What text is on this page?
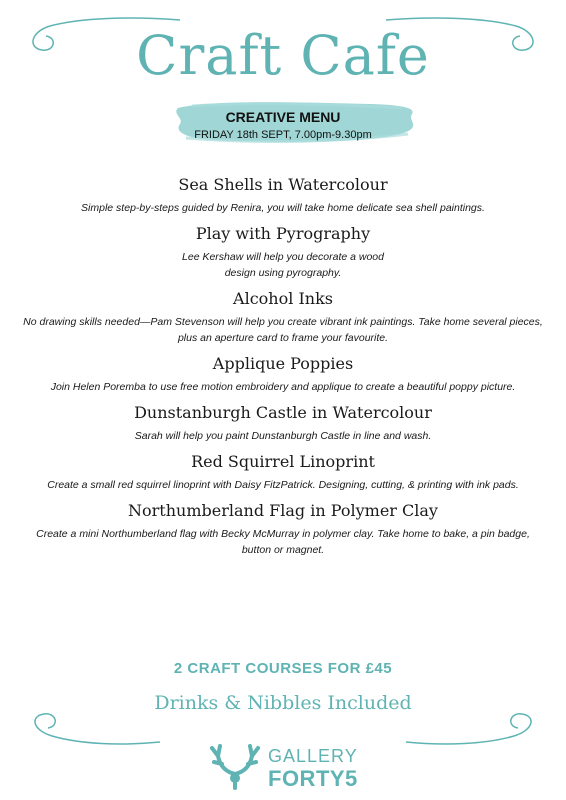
Craft Cafe
CREATIVE MENU
FRIDAY 18th SEPT, 7.00pm-9.30pm
Sea Shells in Watercolour
Simple step-by-steps guided by Renira, you will take home delicate sea shell paintings.
Play with Pyrography
Lee Kershaw will help you decorate a wood design using pyrography.
Alcohol Inks
No drawing skills needed—Pam Stevenson will help you create vibrant ink paintings. Take home several pieces, plus an aperture card to frame your favourite.
Applique Poppies
Join Helen Poremba to use free motion embroidery and applique to create a beautiful poppy picture.
Dunstanburgh Castle in Watercolour
Sarah will help you paint Dunstanburgh Castle in line and wash.
Red Squirrel Linoprint
Create a small red squirrel linoprint with Daisy FitzPatrick. Designing, cutting, & printing with ink pads.
Northumberland Flag in Polymer Clay
Create a mini Northumberland flag with Becky McMurray in polymer clay. Take home to bake, a pin badge, button or magnet.
2 CRAFT COURSES FOR £45
Drinks & Nibbles Included
GALLERY
FORTY5
